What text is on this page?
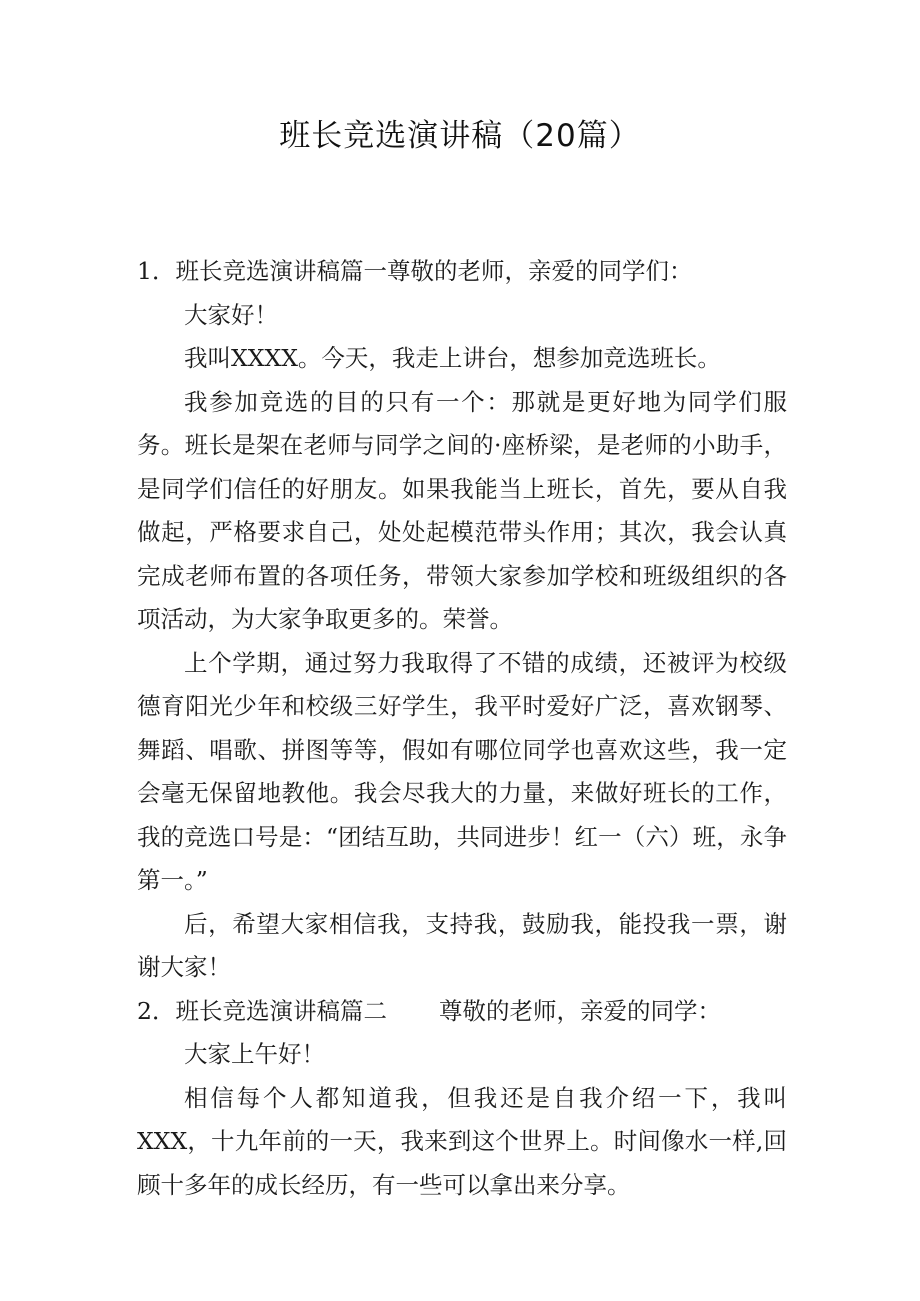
班长竞选演讲稿（20篇）

1．班长竞选演讲稿篇一尊敬的老师，亲爱的同学们：

大家好！

我叫XXXX。今天，我走上讲台，想参加竞选班长。

我参加竞选的目的只有一个：那就是更好地为同学们服务。班长是架在老师与同学之间的·座桥梁，是老师的小助手，是同学们信任的好朋友。如果我能当上班长，首先，要从自我做起，严格要求自己，处处起模范带头作用；其次，我会认真完成老师布置的各项任务，带领大家参加学校和班级组织的各项活动，为大家争取更多的。荣誉。

上个学期，通过努力我取得了不错的成绩，还被评为校级德育阳光少年和校级三好学生，我平时爱好广泛，喜欢钢琴、舞蹈、唱歌、拼图等等，假如有哪位同学也喜欢这些，我一定会毫无保留地教他。我会尽我大的力量，来做好班长的工作，我的竞选口号是：“团结互助，共同进步！红一（六）班，永争第一。”

后，希望大家相信我，支持我，鼓励我，能投我一票，谢谢大家！

2．班长竞选演讲稿篇二 尊敬的老师，亲爱的同学：

大家上午好！

相信每个人都知道我，但我还是自我介绍一下，我叫XXX，十九年前的一天，我来到这个世界上。时间像水一样,回顾十多年的成长经历，有一些可以拿出来分享。
